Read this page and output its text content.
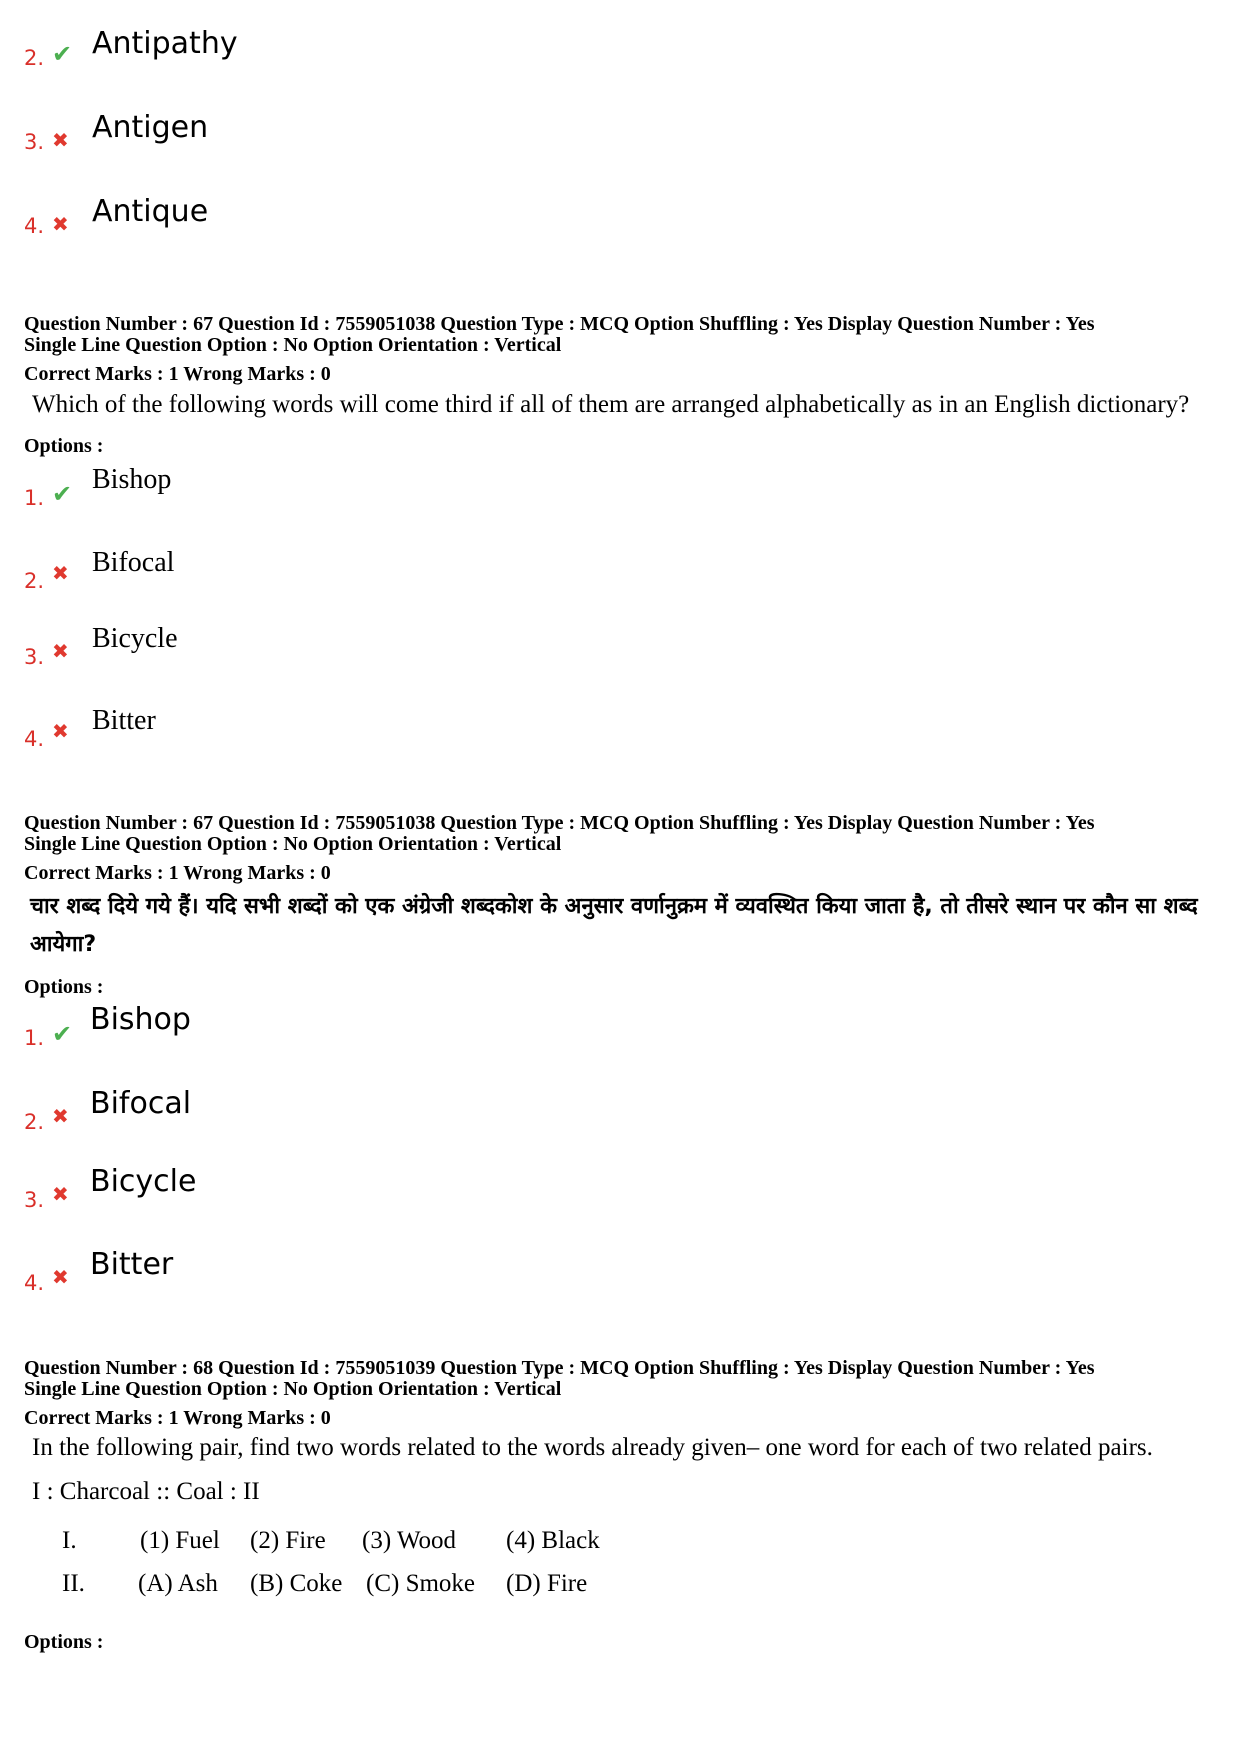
2. ✔ Antipathy
3. ✖ Antigen
4. ✖ Antique
Question Number : 67 Question Id : 7559051038 Question Type : MCQ Option Shuffling : Yes Display Question Number : Yes
Single Line Question Option : No Option Orientation : Vertical
Correct Marks : 1 Wrong Marks : 0
Which of the following words will come third if all of them are arranged alphabetically as in an English dictionary?
Options :
1. ✔ Bishop
2. ✖ Bifocal
3. ✖ Bicycle
4. ✖ Bitter
Question Number : 67 Question Id : 7559051038 Question Type : MCQ Option Shuffling : Yes Display Question Number : Yes
Single Line Question Option : No Option Orientation : Vertical
Correct Marks : 1 Wrong Marks : 0
चार शब्द दिये गये हैं। यदि सभी शब्दों को एक अंग्रेजी शब्दकोश के अनुसार वर्णानुक्रम में व्यवस्थित किया जाता है, तो तीसरे स्थान पर कौन सा शब्द आयेगा?
Options :
1. ✔ Bishop
2. ✖ Bifocal
3. ✖ Bicycle
4. ✖ Bitter
Question Number : 68 Question Id : 7559051039 Question Type : MCQ Option Shuffling : Yes Display Question Number : Yes
Single Line Question Option : No Option Orientation : Vertical
Correct Marks : 1 Wrong Marks : 0
In the following pair, find two words related to the words already given– one word for each of two related pairs.
I : Charcoal :: Coal : II
I.	(1) Fuel (2) Fire (3) Wood (4) Black
II. (A) Ash (B) Coke (C) Smoke (D) Fire
Options :
